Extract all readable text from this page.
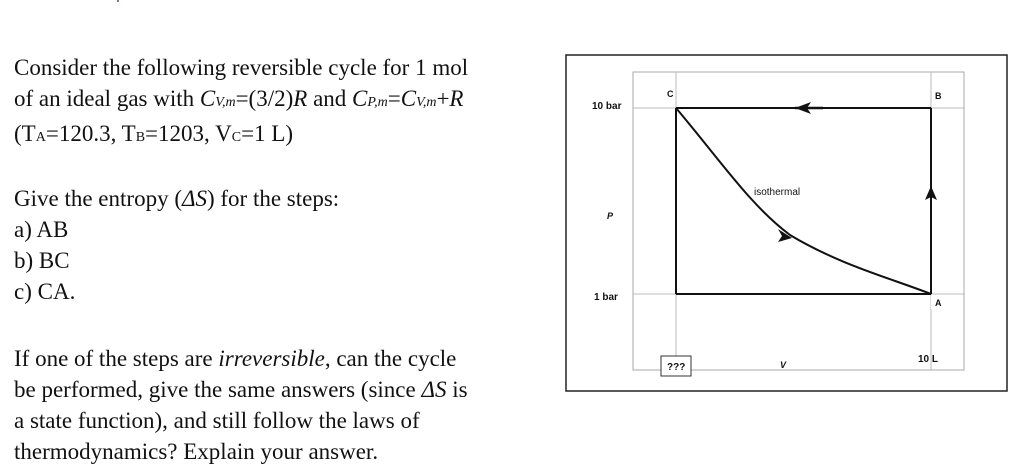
Consider the following reversible cycle for 1 mol
of an ideal gas with CV,m=(3/2)R and CP,m=CV,m+R
(TA=120.3, TB=1203, VC=1 L)
Give the entropy (ΔS) for the steps:
a) AB
b) BC
c) CA.
If one of the steps are irreversible, can the cycle
be performed, give the same answers (since ΔS is
a state function), and still follow the laws of
thermodynamics? Explain your answer.
C	B
A
10 bar
1 bar
P
V	10 L
???
isothermal
